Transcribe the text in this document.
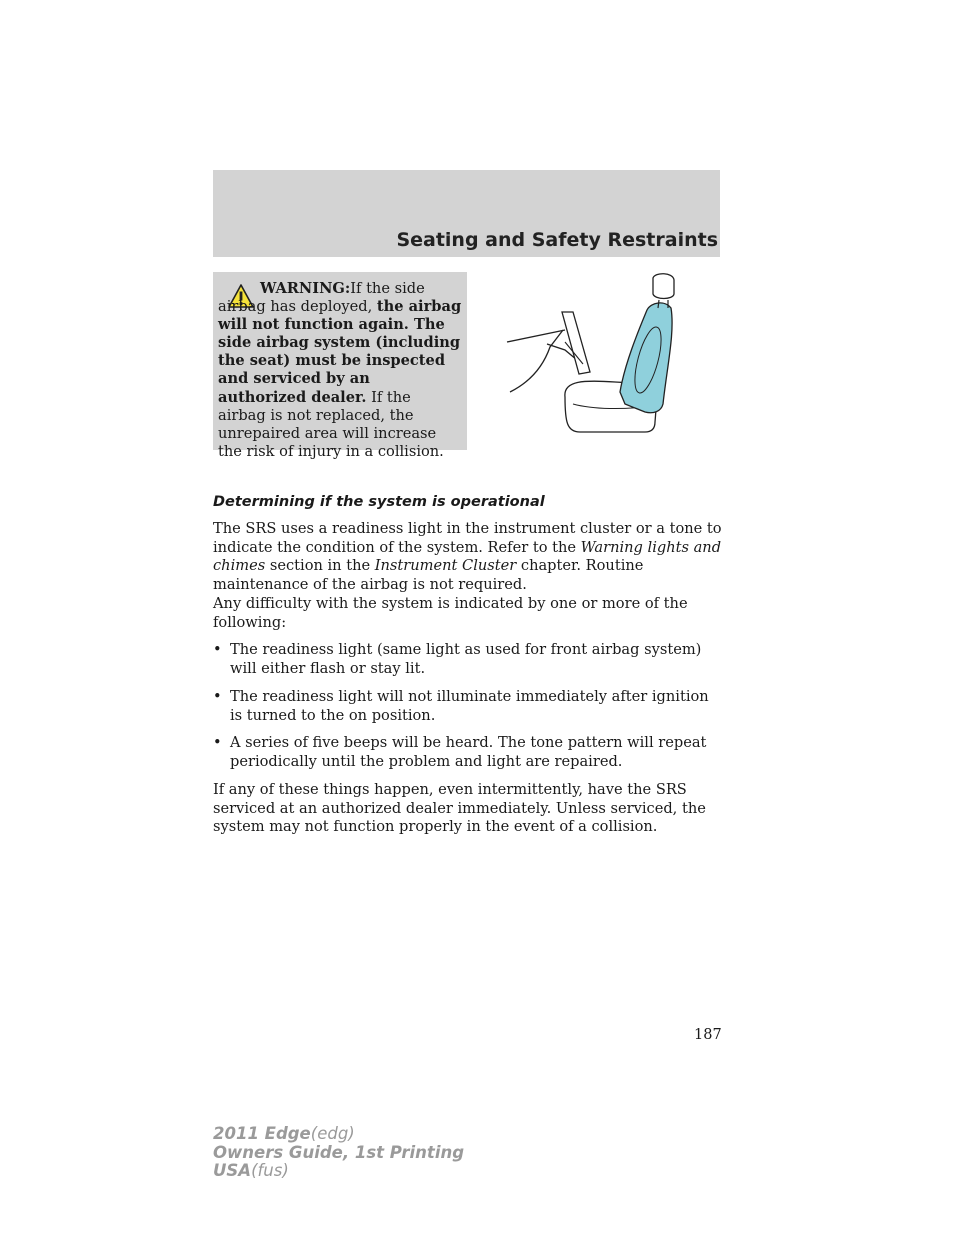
Seating and Safety Restraints

WARNING:If the side airbag has deployed, the airbag will not function again. The side airbag system (including the seat) must be inspected and serviced by an authorized dealer. If the airbag is not replaced, the unrepaired area will increase the risk of injury in a collision.

Determining if the system is operational

The SRS uses a readiness light in the instrument cluster or a tone to indicate the condition of the system. Refer to the Warning lights and chimes section in the Instrument Cluster chapter. Routine maintenance of the airbag is not required.

Any difficulty with the system is indicated by one or more of the following:

• The readiness light (same light as used for front airbag system) will either flash or stay lit.
• The readiness light will not illuminate immediately after ignition is turned to the on position.
• A series of five beeps will be heard. The tone pattern will repeat periodically until the problem and light are repaired.

If any of these things happen, even intermittently, have the SRS serviced at an authorized dealer immediately. Unless serviced, the system may not function properly in the event of a collision.

187
2011 Edge(edg)
Owners Guide, 1st Printing
USA(fus)
